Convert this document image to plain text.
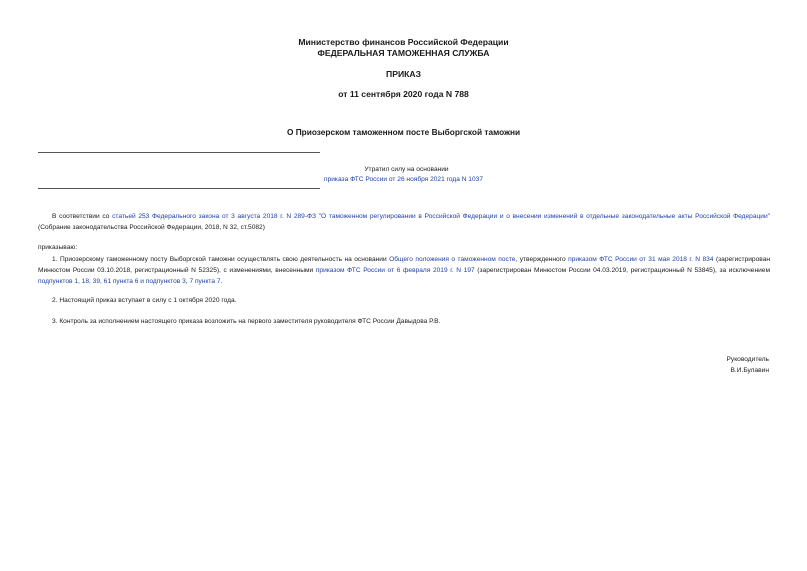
Министерство финансов Российской Федерации
ФЕДЕРАЛЬНАЯ ТАМОЖЕННАЯ СЛУЖБА
ПРИКАЗ
от 11 сентября 2020 года N 788
О Приозерском таможенном посте Выборгской таможни
Утратил силу на основании
приказа ФТС России от 26 ноября 2021 года N 1037
В соответствии со статьей 253 Федерального закона от 3 августа 2018 г. N 289-ФЗ "О таможенном регулировании в Российской Федерации и о внесении изменений в отдельные законодательные акты Российской Федерации" (Собрание законодательства Российской Федерации, 2018, N 32, ст.5082)
приказываю:
1. Приозерскому таможенному посту Выборгской таможни осуществлять свою деятельность на основании Общего положения о таможенном посте, утвержденного приказом ФТС России от 31 мая 2018 г. N 834 (зарегистрирован Минюстом России 03.10.2018, регистрационный N 52325), с изменениями, внесенными приказом ФТС России от 6 февраля 2019 г. N 197 (зарегистрирован Минюстом России 04.03.2019, регистрационный N 53845), за исключением подпунктов 1, 18, 39, 61 пункта 6 и подпунктов 3, 7 пункта 7.
2. Настоящий приказ вступает в силу с 1 октября 2020 года.
3. Контроль за исполнением настоящего приказа возложить на первого заместителя руководителя ФТС России Давыдова Р.В.
Руководитель
В.И.Булавин
